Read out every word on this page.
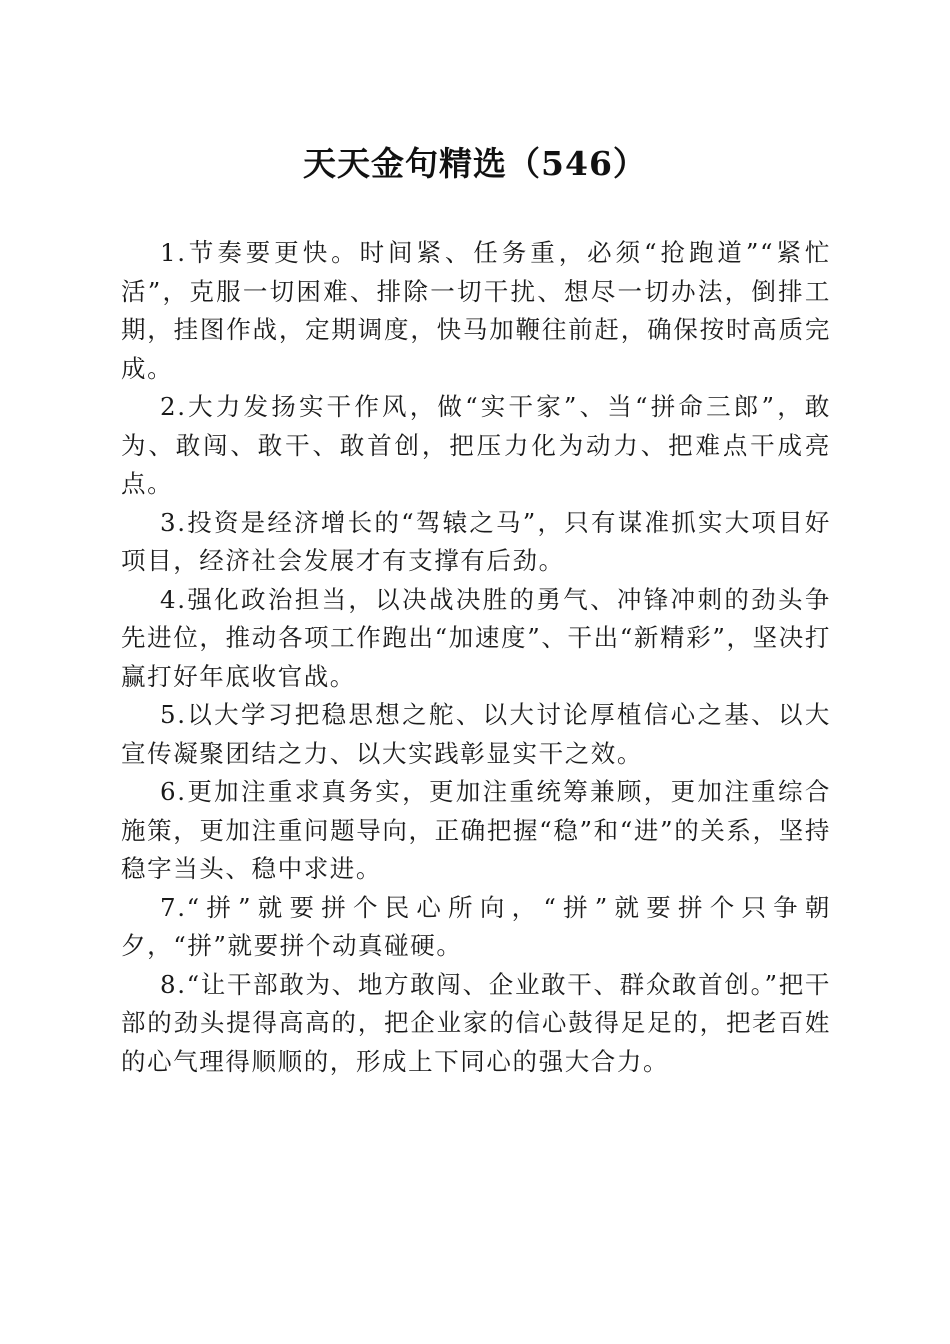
天天金句精选（546）

1.节奏要更快。时间紧、任务重，必须“抢跑道”“紧忙活”，克服一切困难、排除一切干扰、想尽一切办法，倒排工期，挂图作战，定期调度，快马加鞭往前赶，确保按时高质完成。

2.大力发扬实干作风，做“实干家”、当“拼命三郎”，敢为、敢闯、敢干、敢首创，把压力化为动力、把难点干成亮点。

3.投资是经济增长的“驾辕之马”，只有谋准抓实大项目好项目，经济社会发展才有支撑有后劲。

4.强化政治担当，以决战决胜的勇气、冲锋冲刺的劲头争先进位，推动各项工作跑出“加速度”、干出“新精彩”，坚决打赢打好年底收官战。

5.以大学习把稳思想之舵、以大讨论厚植信心之基、以大宣传凝聚团结之力、以大实践彰显实干之效。

6.更加注重求真务实，更加注重统筹兼顾，更加注重综合施策，更加注重问题导向，正确把握“稳”和“进”的关系，坚持稳字当头、稳中求进。

7.“拼”就要拼个民心所向，“拼”就要拼个只争朝夕，“拼”就要拼个动真碰硬。

8.“让干部敢为、地方敢闯、企业敢干、群众敢首创。”把干部的劲头提得高高的，把企业家的信心鼓得足足的，把老百姓的心气理得顺顺的，形成上下同心的强大合力。
